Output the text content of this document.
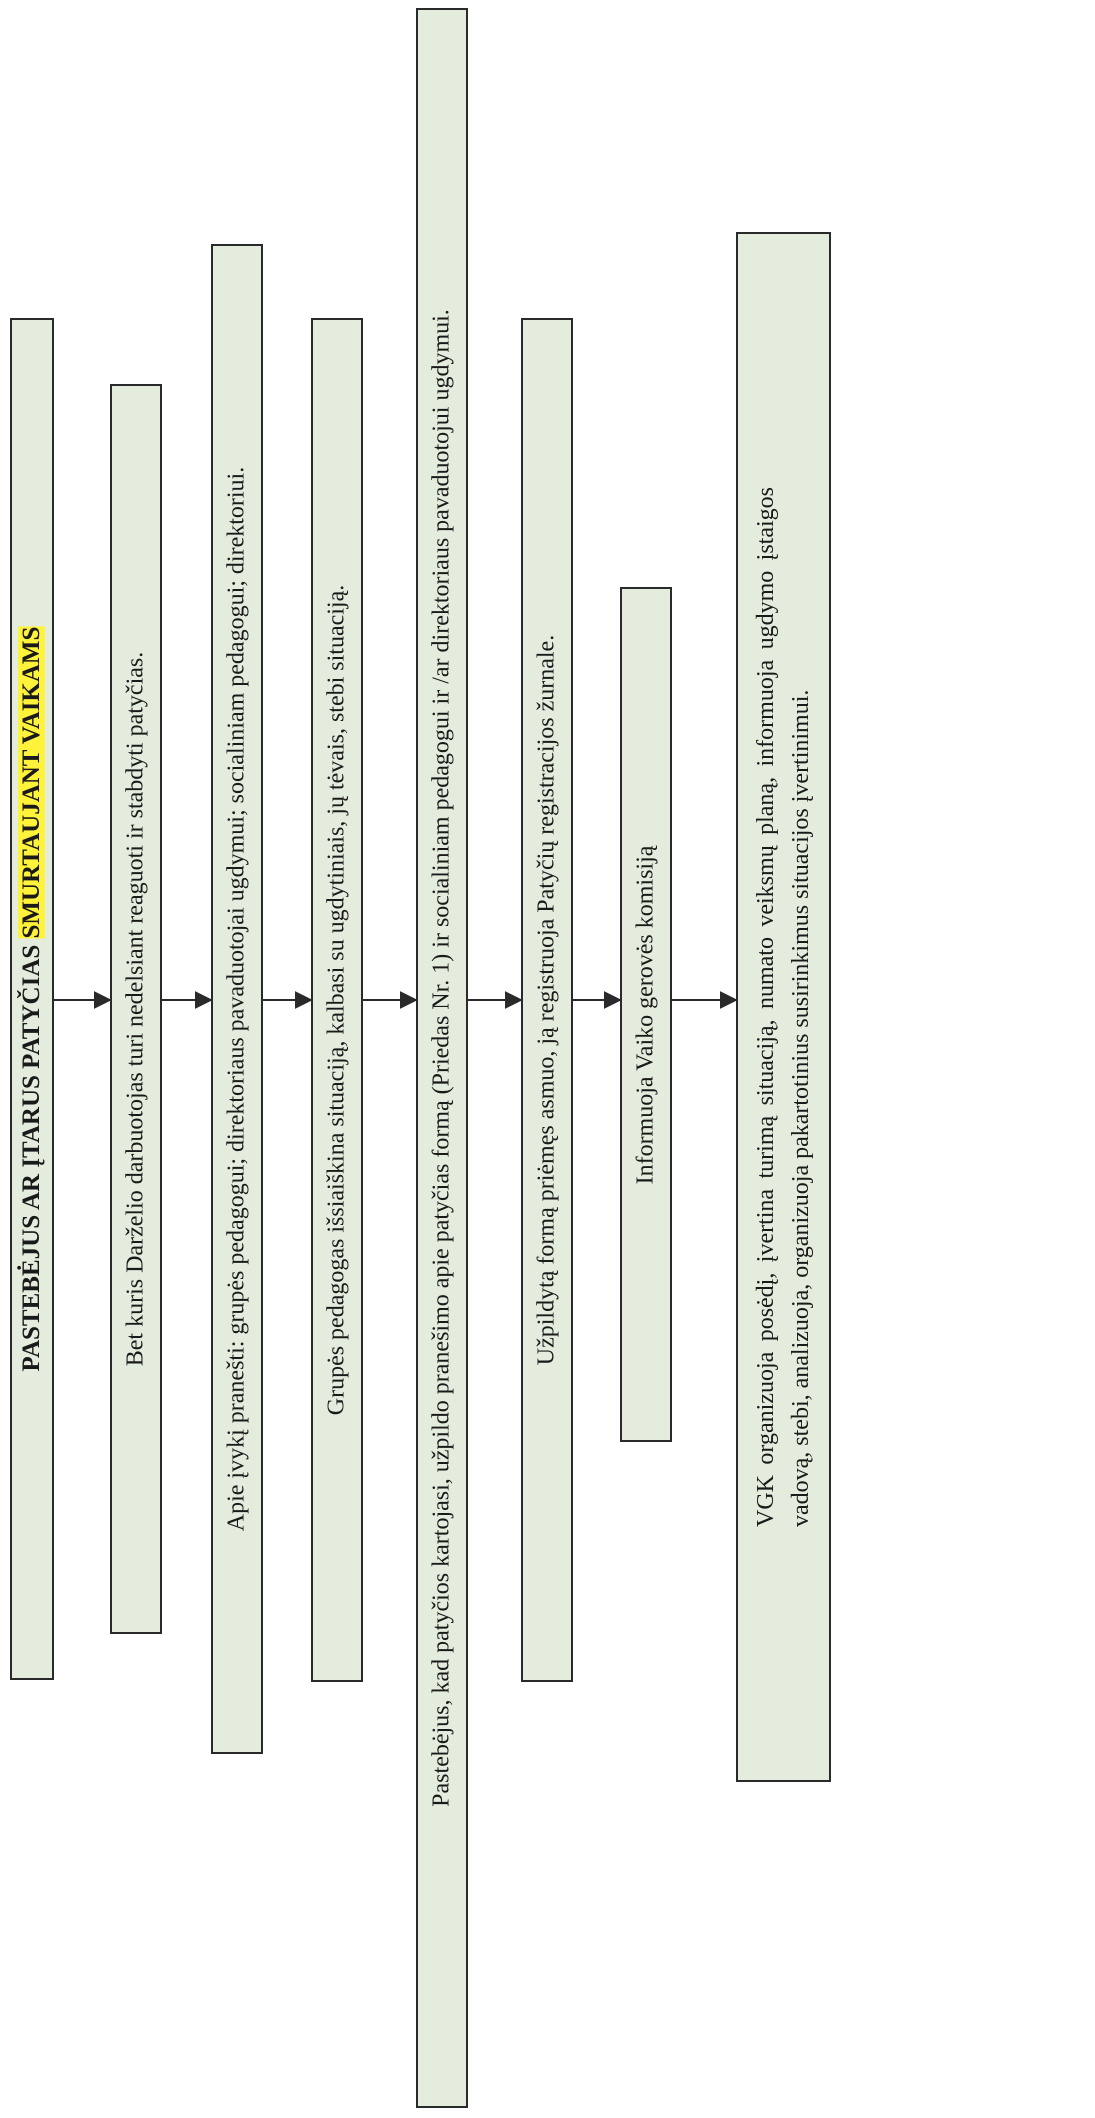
PASTEBĖJUS AR ĮTARUS PATYČIAS SMURTAUJANT VAIKAMS	Bet kuris Darželio darbuotojas turi nedelsiant reaguoti ir stabdyti patyčias.	Apie įvykį pranešti: grupės pedagogui; direktoriaus pavaduotojai ugdymui; socialiniam pedagogui; direktoriui.	Grupės pedagogas išsiaiškina situaciją, kalbasi su ugdytiniais, jų tėvais, stebi situaciją.	Pastebėjus, kad patyčios kartojasi, užpildo pranešimo apie patyčias formą (Priedas Nr. 1) ir socialiniam pedagogui ir /ar direktoriaus pavaduotojui ugdymui.	Užpildytą formą priėmęs asmuo, ją registruoja Patyčių registracijos žurnale.	Informuoja Vaiko gerovės komisiją	VGK organizuoja posėdį, įvertina turimą situaciją, numato veiksmų planą, informuoja ugdymo įstaigos vadovą, stebi, analizuoja, organizuoja pakartotinius susirinkimus situacijos įvertinimui.
